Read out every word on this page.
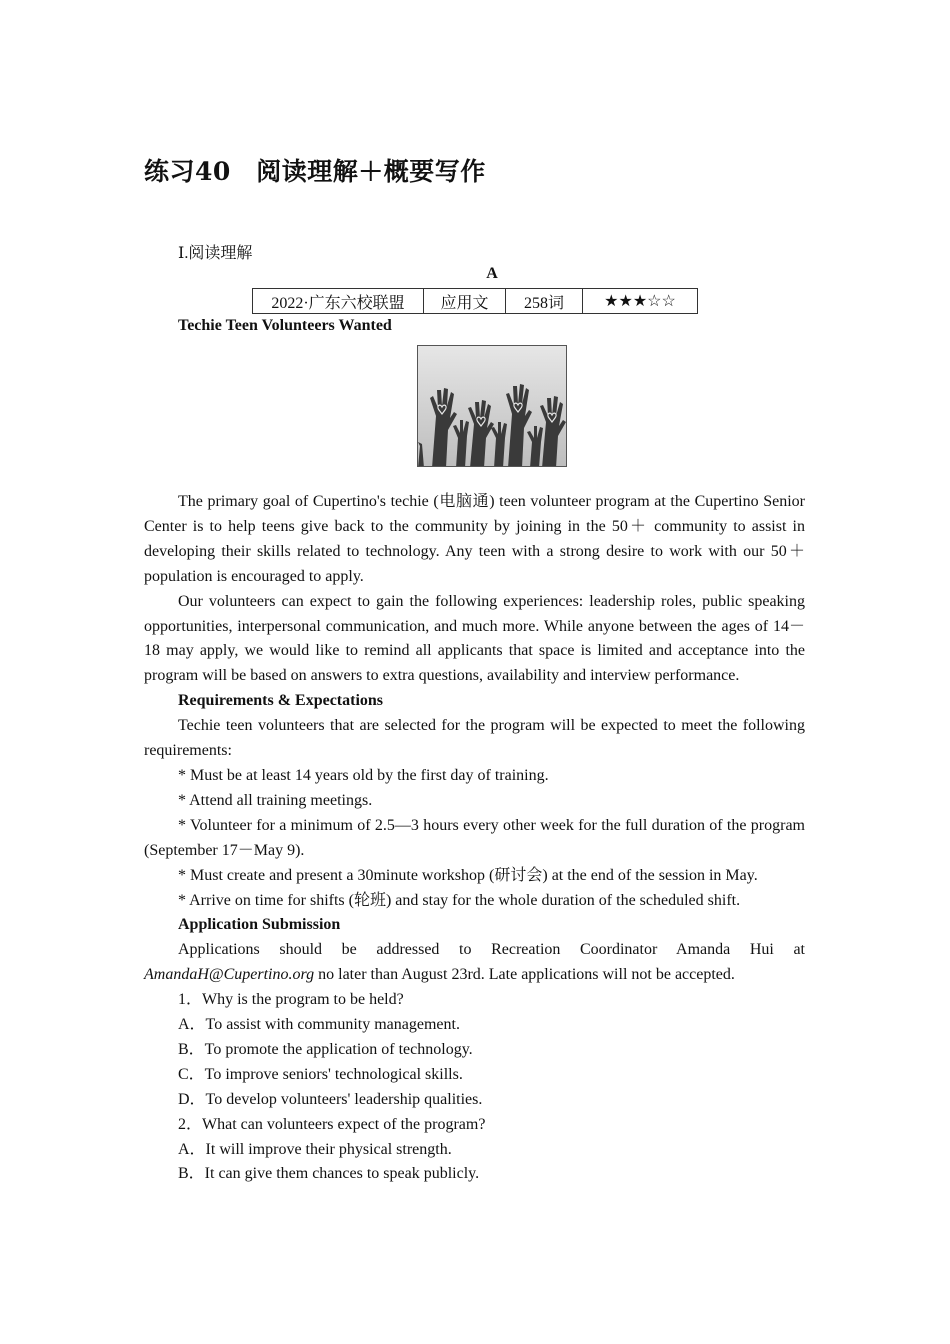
练习40　阅读理解＋概要写作
Ⅰ.阅读理解
A
2022·广东六校联盟	应用文	258词	★★★☆☆
Techie Teen Volunteers Wanted

The primary goal of Cupertino's techie (电脑通) teen volunteer program at the Cupertino Senior Center is to help teens give back to the community by joining in the 50＋ community to assist in developing their skills related to technology. Any teen with a strong desire to work with our 50＋ population is encouraged to apply.

Our volunteers can expect to gain the following experiences: leadership roles, public speaking opportunities, interpersonal communication, and much more. While anyone between the ages of 14－18 may apply, we would like to remind all applicants that space is limited and acceptance into the program will be based on answers to extra questions, availability and interview performance.

Requirements & Expectations

Techie teen volunteers that are selected for the program will be expected to meet the following requirements:

* Must be at least 14 years old by the first day of training.

* Attend all training meetings.

* Volunteer for a minimum of 2.5—3 hours every other week for the full duration of the program (September 17－May 9).

* Must create and present a 30minute workshop (研讨会) at the end of the session in May.

* Arrive on time for shifts (轮班) and stay for the whole duration of the scheduled shift.

Application Submission

Applications should be addressed to Recreation Coordinator Amanda Hui at AmandaH@Cupertino.org no later than August 23rd. Late applications will not be accepted.

1．Why is the program to be held?

A．To assist with community management.

B．To promote the application of technology.

C．To improve seniors' technological skills.

D．To develop volunteers' leadership qualities.

2．What can volunteers expect of the program?

A．It will improve their physical strength.

B．It can give them chances to speak publicly.
